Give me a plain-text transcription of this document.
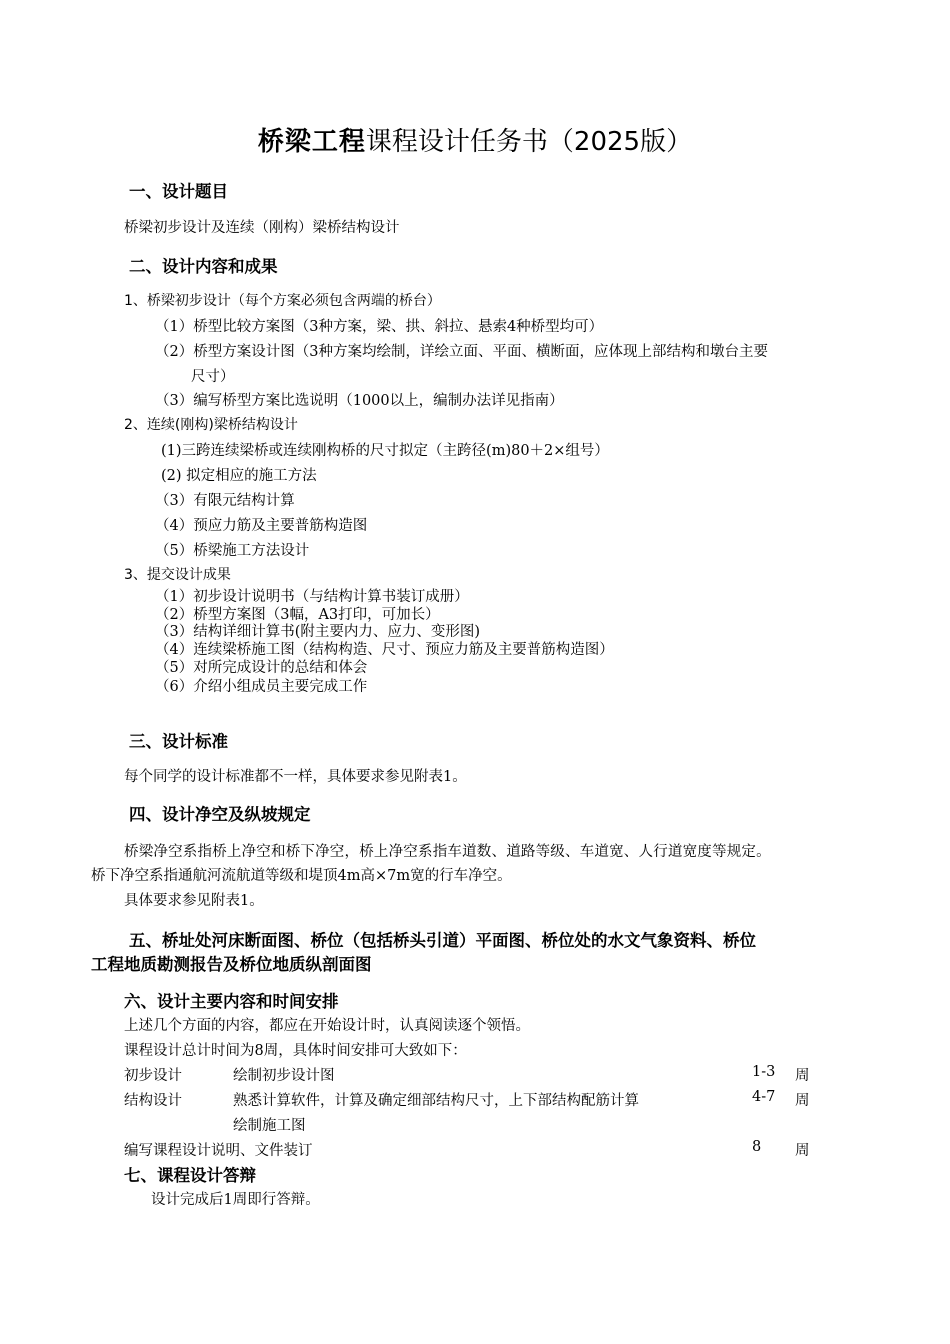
桥梁工程课程设计任务书（2025版）
一、设计题目
桥梁初步设计及连续（刚构）梁桥结构设计
二、设计内容和成果
1、桥梁初步设计（每个方案必须包含两端的桥台）
（1）桥型比较方案图（3种方案，梁、拱、斜拉、悬索4种桥型均可）
（2）桥型方案设计图（3种方案均绘制，详绘立面、平面、横断面，应体现上部结构和墩台主要
尺寸）
（3）编写桥型方案比选说明（1000以上，编制办法详见指南）
2、连续(刚构)梁桥结构设计
(1)三跨连续梁桥或连续刚构桥的尺寸拟定（主跨径(m)80＋2×组号）
(2) 拟定相应的施工方法
（3）有限元结构计算
（4）预应力筋及主要普筋构造图
（5）桥梁施工方法设计
3、提交设计成果
（1）初步设计说明书（与结构计算书装订成册）
（2）桥型方案图（3幅，A3打印，可加长）
（3）结构详细计算书(附主要内力、应力、变形图)
（4）连续梁桥施工图（结构构造、尺寸、预应力筋及主要普筋构造图）
（5）对所完成设计的总结和体会
（6）介绍小组成员主要完成工作
三、设计标准
每个同学的设计标准都不一样，具体要求参见附表1。
四、设计净空及纵坡规定
桥梁净空系指桥上净空和桥下净空，桥上净空系指车道数、道路等级、车道宽、人行道宽度等规定。
桥下净空系指通航河流航道等级和堤顶4m高×7m宽的行车净空。
具体要求参见附表1。
五、桥址处河床断面图、桥位（包括桥头引道）平面图、桥位处的水文气象资料、桥位
工程地质勘测报告及桥位地质纵剖面图
六、设计主要内容和时间安排
上述几个方面的内容，都应在开始设计时，认真阅读逐个领悟。
课程设计总计时间为8周，具体时间安排可大致如下：
初步设计	绘制初步设计图	1-3 周
结构设计	熟悉计算软件，计算及确定细部结构尺寸，上下部结构配筋计算	4-7 周
绘制施工图
编写课程设计说明、文件装订	8 周
七、课程设计答辩
设计完成后1周即行答辩。
